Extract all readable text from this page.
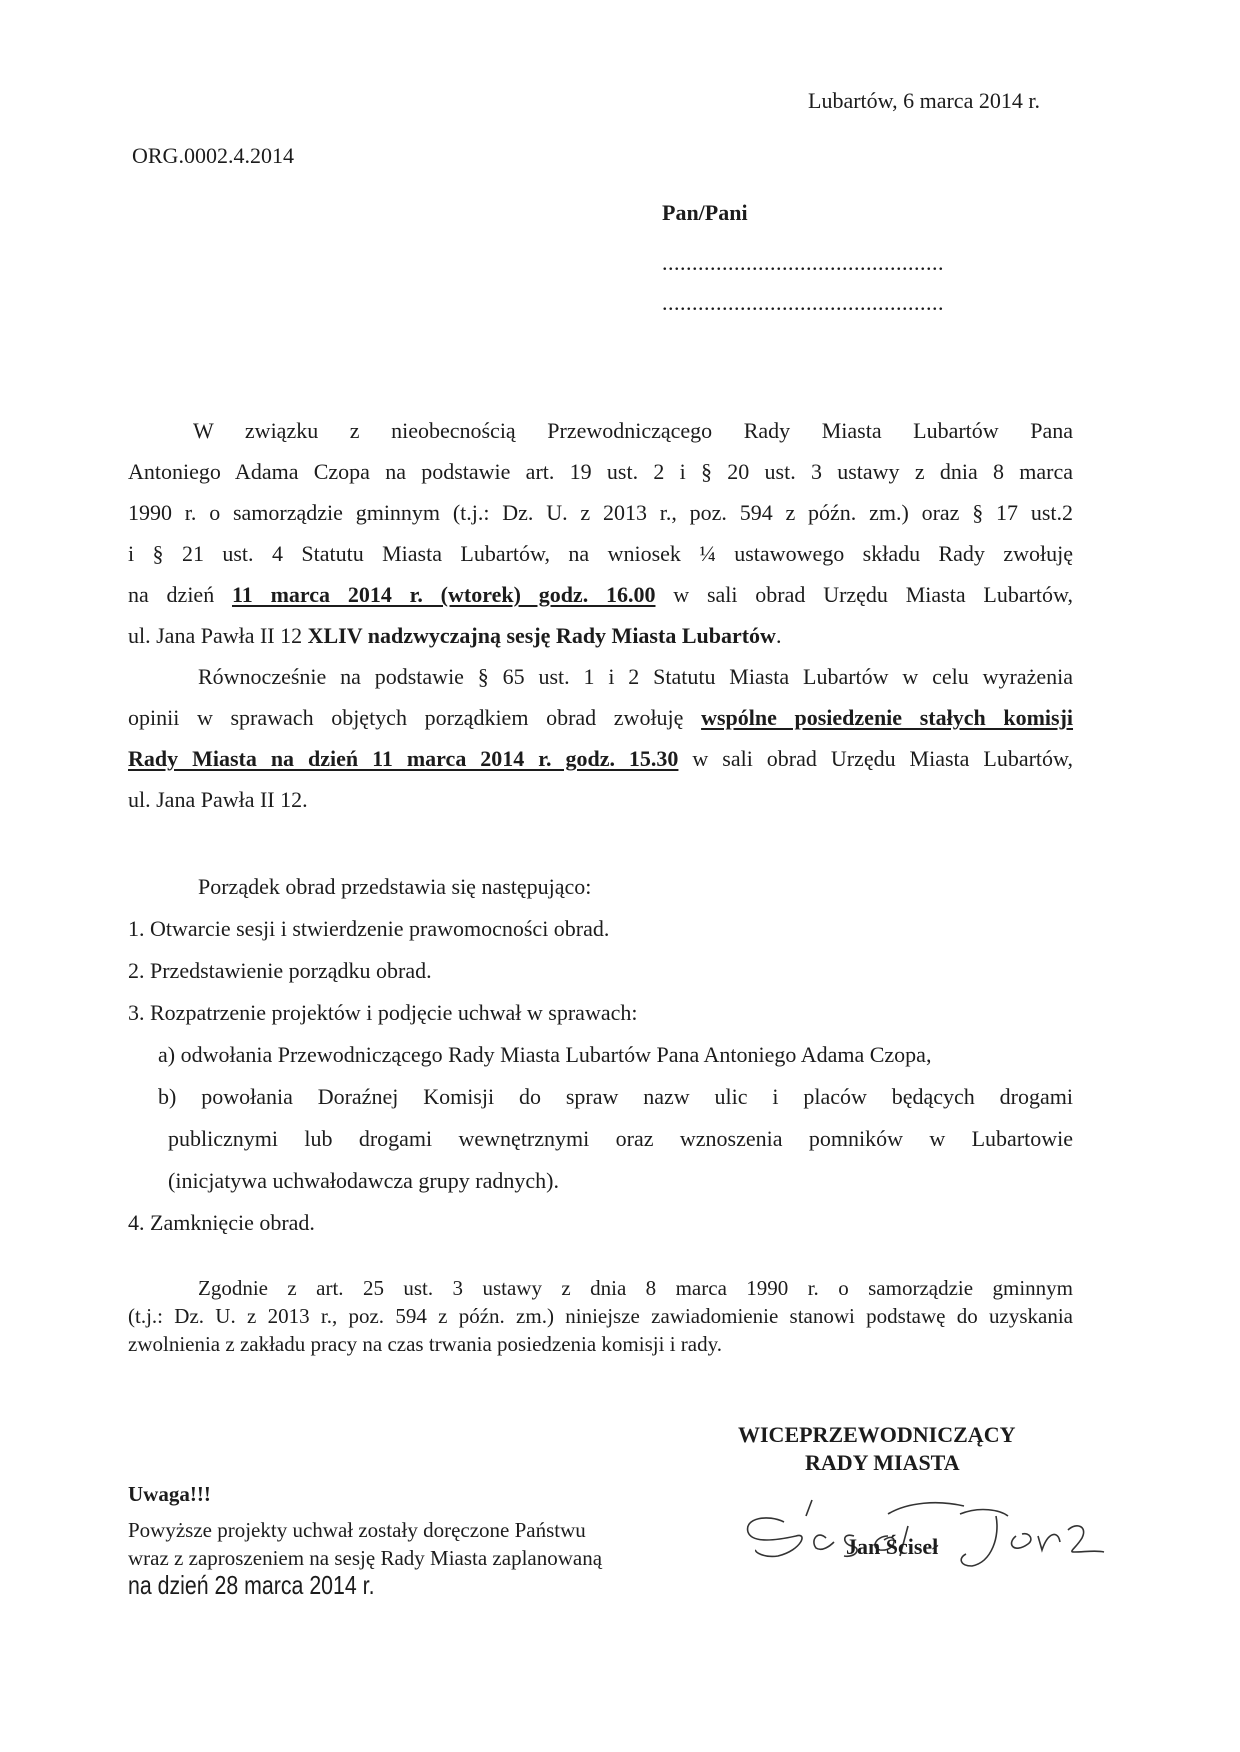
Lubartów, 6 marca 2014 r.

ORG.0002.4.2014

Pan/Pani

...............................................

...............................................

W związku z nieobecnością Przewodniczącego Rady Miasta Lubartów Pana
Antoniego Adama Czopa na podstawie art. 19 ust. 2 i § 20 ust. 3 ustawy z dnia 8 marca
1990 r. o samorządzie gminnym (t.j.: Dz. U. z 2013 r., poz. 594 z późn. zm.) oraz § 17 ust.2
i § 21 ust. 4 Statutu Miasta Lubartów, na wniosek ¼ ustawowego składu Rady zwołuję
na dzień 11 marca 2014 r. (wtorek) godz. 16.00 w sali obrad Urzędu Miasta Lubartów,
ul. Jana Pawła II 12 XLIV nadzwyczajną sesję Rady Miasta Lubartów.
Równocześnie na podstawie § 65 ust. 1 i 2 Statutu Miasta Lubartów w celu wyrażenia
opinii w sprawach objętych porządkiem obrad zwołuję wspólne posiedzenie stałych komisji
Rady Miasta na dzień 11 marca 2014 r. godz. 15.30 w sali obrad Urzędu Miasta Lubartów,
ul. Jana Pawła II 12.
Porządek obrad przedstawia się następująco:
1. Otwarcie sesji i stwierdzenie prawomocności obrad.
2. Przedstawienie porządku obrad.
3. Rozpatrzenie projektów i podjęcie uchwał w sprawach:
a) odwołania Przewodniczącego Rady Miasta Lubartów Pana Antoniego Adama Czopa,
b) powołania Doraźnej Komisji do spraw nazw ulic i placów będących drogami
publicznymi lub drogami wewnętrznymi oraz wznoszenia pomników w Lubartowie
(inicjatywa uchwałodawcza grupy radnych).
4. Zamknięcie obrad.
Zgodnie z art. 25 ust. 3 ustawy z dnia 8 marca 1990 r. o samorządzie gminnym
(t.j.: Dz. U. z 2013 r., poz. 594 z późn. zm.) niniejsze zawiadomienie stanowi podstawę do uzyskania
zwolnienia z zakładu pracy na czas trwania posiedzenia komisji i rady.

WICEPRZEWODNICZĄCY

RADY MIASTA

Jan Ściseł

Uwaga!!!

Powyższe projekty uchwał zostały doręczone Państwu
wraz z zaproszeniem na sesję Rady Miasta zaplanowaną

na dzień 28 marca 2014 r.
